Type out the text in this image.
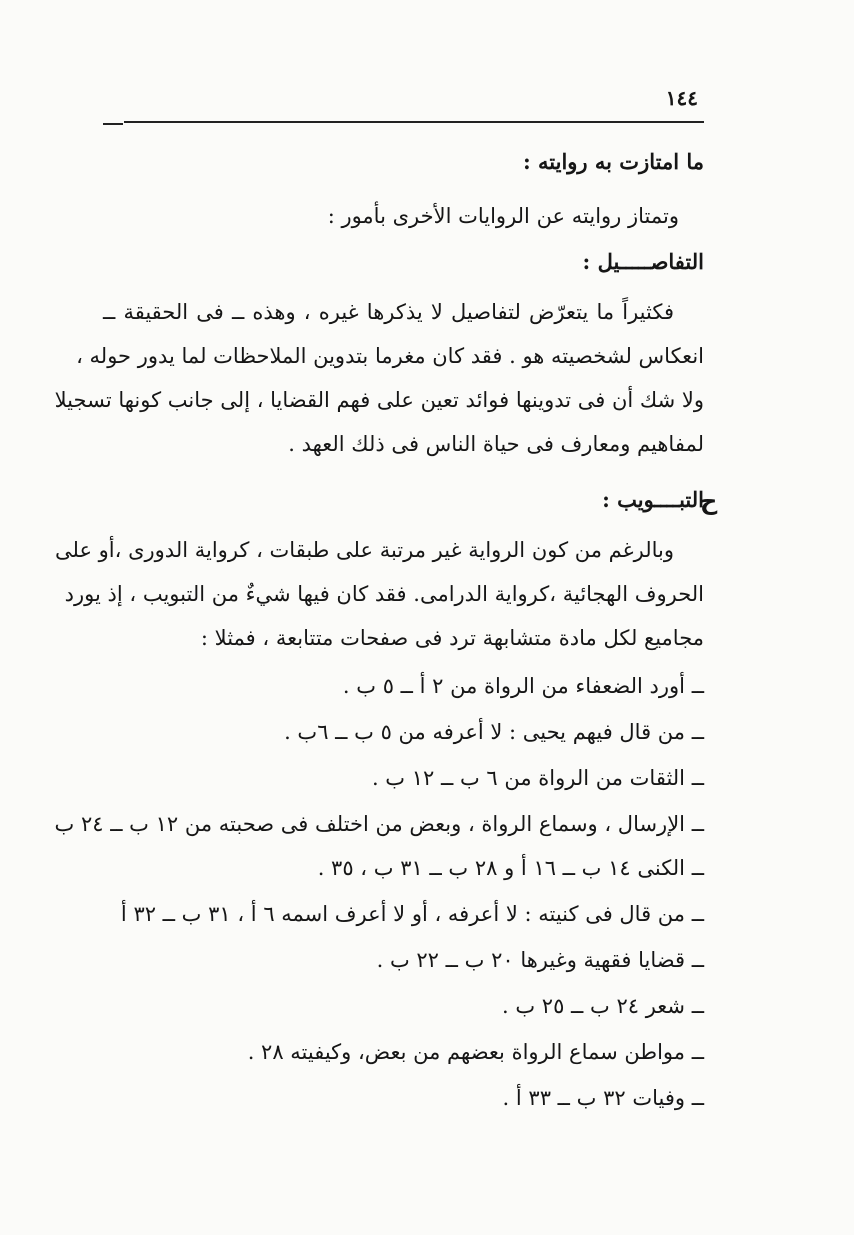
١٤٤
ما امتازت به روايته :
وتمتاز روايته عن الروايات الأخرى بأمور :
التفاصـــــيل :
فكثيراً ما يتعرّض لتفاصيل لا يذكرها غيره ، وهذه ــ فى الحقيقة ــ
انعكاس لشخصيته هو . فقد كان مغرما بتدوين الملاحظات لما يدور حوله ،
ولا شك أن فى تدوينها فوائد تعين على فهم القضايا ، إلى جانب كونها تسجيلا
لمفاهيم ومعارف فى حياة الناس فى ذلك العهد .
ح
التبــــويب :
وبالرغم من كون الرواية غير مرتبة على طبقات ، كرواية الدورى ،أو على
الحروف الهجائية ،كرواية الدرامى. فقد كان فيها شيءٌ من التبويب ، إذ يورد
مجاميع لكل مادة متشابهة ترد فى صفحات متتابعة ، فمثلا :
ــ أورد الضعفاء من الرواة من ٢ أ ــ ٥ ب .
ــ من قال فيهم يحيى : لا أعرفه من ٥ ب ــ ٦ب .
ــ الثقات من الرواة من ٦ ب ــ ١٢ ب .
ــ الإرسال ، وسماع الرواة ، وبعض من اختلف فى صحبته من ١٢ ب ــ ٢٤ ب
ــ الكنى ١٤ ب ــ ١٦ أ و ٢٨ ب ــ ٣١ ب ، ٣٥ .
ــ من قال فى كنيته : لا أعرفه ، أو لا أعرف اسمه ٦ أ ، ٣١ ب ــ ٣٢ أ
ــ قضايا فقهية وغيرها ٢٠ ب ــ ٢٢ ب .
ــ شعر ٢٤ ب ــ ٢٥ ب .
ــ مواطن سماع الرواة بعضهم من بعض، وكيفيته ٢٨ .
ــ وفيات ٣٢ ب ــ ٣٣ أ .
